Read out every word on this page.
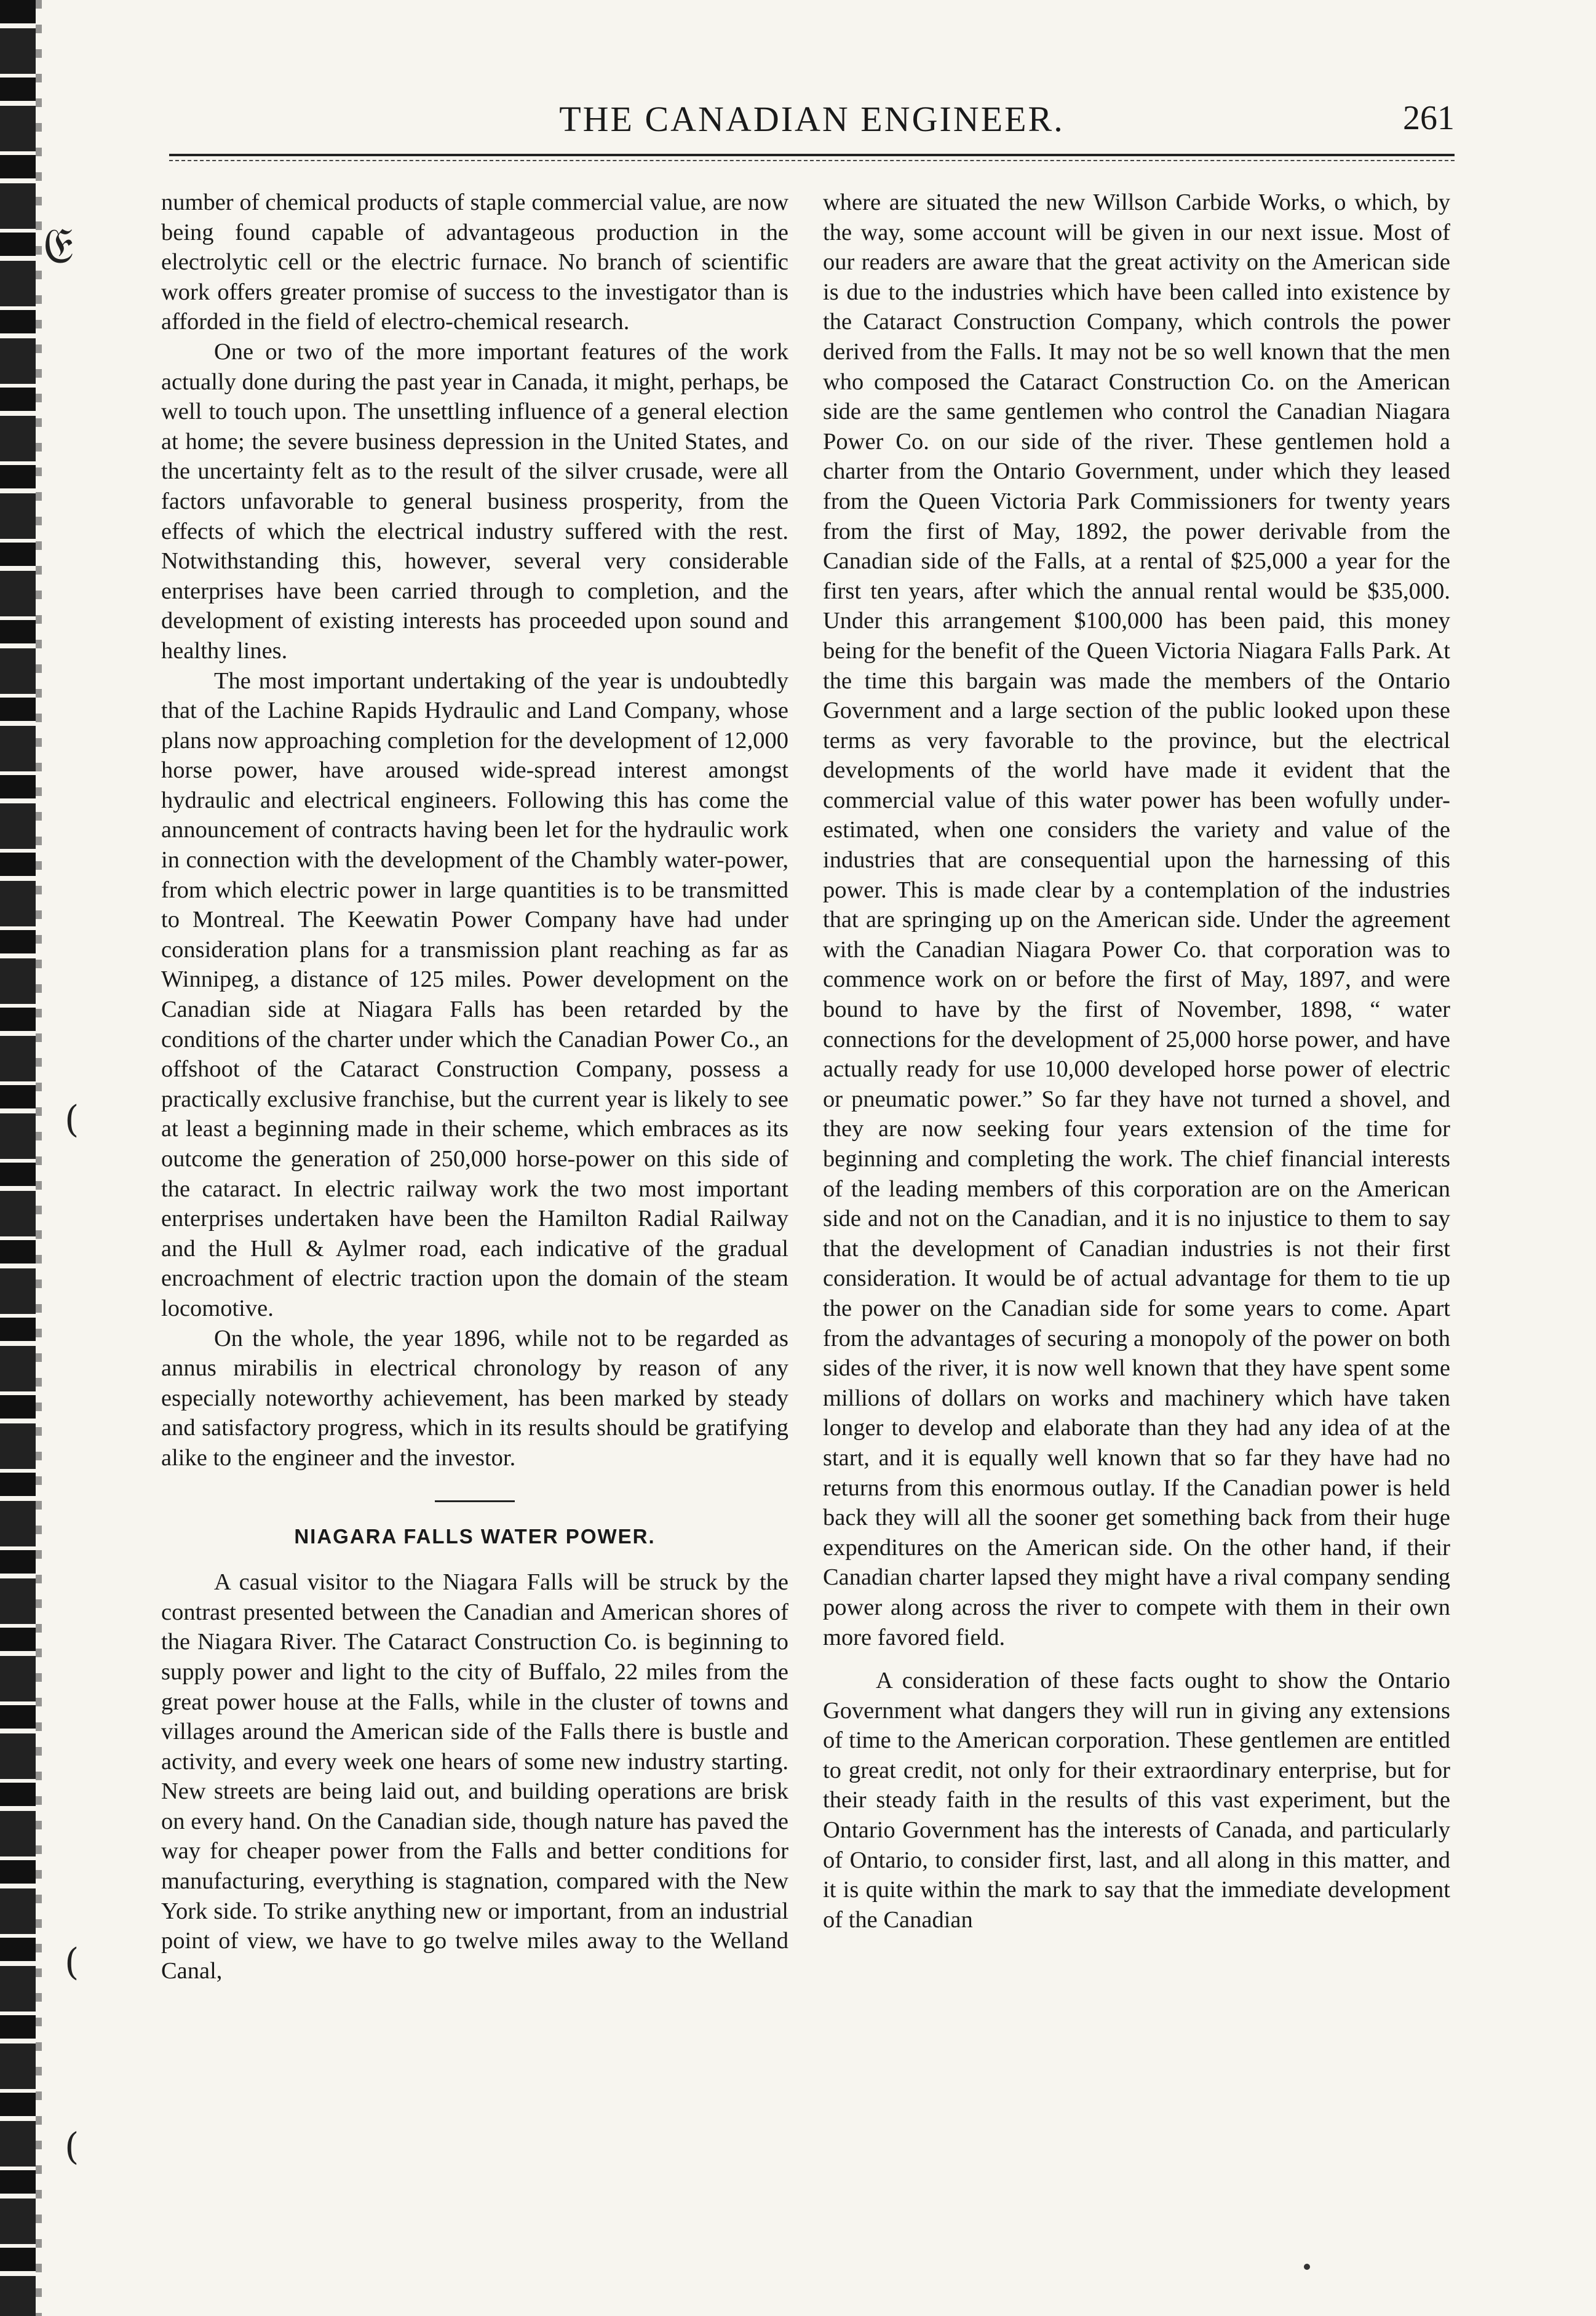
𝔈
(
(
(
THE CANADIAN ENGINEER.	261

number of chemical products of staple commercial value, are now being found capable of advantageous production in the electrolytic cell or the electric furnace. No branch of scientific work offers greater promise of success to the investigator than is afforded in the field of electro-chemical research.

One or two of the more important features of the work actually done during the past year in Canada, it might, perhaps, be well to touch upon. The unsettling influence of a general election at home; the severe business depression in the United States, and the uncertainty felt as to the result of the silver crusade, were all factors unfavorable to general business prosperity, from the effects of which the electrical industry suffered with the rest. Notwithstanding this, however, several very considerable enterprises have been carried through to completion, and the development of existing interests has proceeded upon sound and healthy lines.

The most important undertaking of the year is undoubtedly that of the Lachine Rapids Hydraulic and Land Company, whose plans now approaching completion for the development of 12,000 horse power, have aroused wide-spread interest amongst hydraulic and electrical engineers. Following this has come the announcement of contracts having been let for the hydraulic work in connection with the development of the Chambly water-power, from which electric power in large quantities is to be transmitted to Montreal. The Keewatin Power Company have had under consideration plans for a transmission plant reaching as far as Winnipeg, a distance of 125 miles. Power development on the Canadian side at Niagara Falls has been retarded by the conditions of the charter under which the Canadian Power Co., an offshoot of the Cataract Construction Company, possess a practically exclusive franchise, but the current year is likely to see at least a beginning made in their scheme, which embraces as its outcome the generation of 250,000 horse-power on this side of the cataract. In electric railway work the two most important enterprises undertaken have been the Hamilton Radial Railway and the Hull & Aylmer road, each indicative of the gradual encroachment of electric traction upon the domain of the steam locomotive.

On the whole, the year 1896, while not to be regarded as annus mirabilis in electrical chronology by reason of any especially noteworthy achievement, has been marked by steady and satisfactory progress, which in its results should be gratifying alike to the engineer and the investor.

NIAGARA FALLS WATER POWER.

A casual visitor to the Niagara Falls will be struck by the contrast presented between the Canadian and American shores of the Niagara River. The Cataract Construction Co. is beginning to supply power and light to the city of Buffalo, 22 miles from the great power house at the Falls, while in the cluster of towns and villages around the American side of the Falls there is bustle and activity, and every week one hears of some new industry starting. New streets are being laid out, and building operations are brisk on every hand. On the Canadian side, though nature has paved the way for cheaper power from the Falls and better conditions for manufacturing, everything is stagnation, compared with the New York side. To strike anything new or important, from an industrial point of view, we have to go twelve miles away to the Welland Canal,

where are situated the new Willson Carbide Works, o which, by the way, some account will be given in our next issue. Most of our readers are aware that the great activity on the American side is due to the industries which have been called into existence by the Cataract Construction Company, which controls the power derived from the Falls. It may not be so well known that the men who composed the Cataract Construction Co. on the American side are the same gentlemen who control the Canadian Niagara Power Co. on our side of the river. These gentlemen hold a charter from the Ontario Government, under which they leased from the Queen Victoria Park Commissioners for twenty years from the first of May, 1892, the power derivable from the Canadian side of the Falls, at a rental of $25,000 a year for the first ten years, after which the annual rental would be $35,000. Under this arrangement $100,000 has been paid, this money being for the benefit of the Queen Victoria Niagara Falls Park. At the time this bargain was made the members of the Ontario Government and a large section of the public looked upon these terms as very favorable to the province, but the electrical developments of the world have made it evident that the commercial value of this water power has been wofully under-estimated, when one considers the variety and value of the industries that are consequential upon the harnessing of this power. This is made clear by a contemplation of the industries that are springing up on the American side. Under the agreement with the Canadian Niagara Power Co. that corporation was to commence work on or before the first of May, 1897, and were bound to have by the first of November, 1898, “ water connections for the development of 25,000 horse power, and have actually ready for use 10,000 developed horse power of electric or pneumatic power.” So far they have not turned a shovel, and they are now seeking four years extension of the time for beginning and completing the work. The chief financial interests of the leading members of this corporation are on the American side and not on the Canadian, and it is no injustice to them to say that the development of Canadian industries is not their first consideration. It would be of actual advantage for them to tie up the power on the Canadian side for some years to come. Apart from the advantages of securing a monopoly of the power on both sides of the river, it is now well known that they have spent some millions of dollars on works and machinery which have taken longer to develop and elaborate than they had any idea of at the start, and it is equally well known that so far they have had no returns from this enormous outlay. If the Canadian power is held back they will all the sooner get something back from their huge expenditures on the American side. On the other hand, if their Canadian charter lapsed they might have a rival company sending power along across the river to compete with them in their own more favored field.

A consideration of these facts ought to show the Ontario Government what dangers they will run in giving any extensions of time to the American corporation. These gentlemen are entitled to great credit, not only for their extraordinary enterprise, but for their steady faith in the results of this vast experiment, but the Ontario Government has the interests of Canada, and particularly of Ontario, to consider first, last, and all along in this matter, and it is quite within the mark to say that the immediate development of the Canadian
